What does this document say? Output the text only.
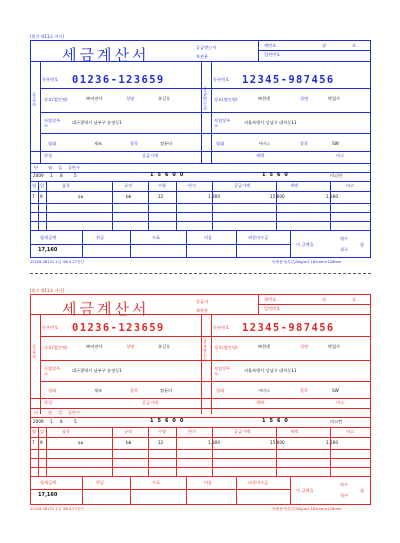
[별지 제11호 서식]
세금계산서	공급받는자
보관용
책번호
일련번호
권	호
공급자
공급받는자
등록번호 01236-123659	등록번호 12345-987456
상호(법인명)	㈜비전사	성명	홍길동	상호(법인명)	㈜한빛	성명	박철수
사업장주소
대구광역시 남부구 송정동1	사업장주소
서울특별시 강남구 대치동11
업태	제조	종목	컴퓨터	업태	서비스	종목	SW
작성	공급가액	세액	비고
년 월 일 공란수
2009 1 8	5	15600	1560	비고란
월 일	품목	규격	수량	단가	공급가액	세액	비고
7 9	aa	bb	12	1,300	15,600	1,560
합계금액	현금	수표	어음	외상미수금
17,160
이 금액을
영수
청구
함
22226-28131 1일 '96.3.27승인	인쇄용지(특급)34g/m2 182mm×128mm
[별지 제11호 서식]
세금계산서	공급자
보관용
책번호
일련번호
권	호
공급자
공급받는자
등록번호 01236-123659	등록번호 12345-987456
상호(법인명)	㈜비전사	성명	홍길동	상호(법인명)	㈜한빛	성명	박철수
사업장주소
대구광역시 남부구 송정동1	사업장주소
서울특별시 강남구 대치동11
업태	제조	종목	컴퓨터	업태	서비스	종목	SW
작성	공급가액	세액	비고
년 월 일 공란수
2009 1 8	5	15600	1560	비고란
월 일	품목	규격	수량	단가	공급가액	세액	비고
7 9	aa	bb	12	1,300	15,600	1,560
합계금액	현금	수표	어음	외상미수금
17,160
이 금액을
영수
청구
함
22226-28131 1일 '96.3.27승인	인쇄용지(특급)34g/m2 182mm×128mm
